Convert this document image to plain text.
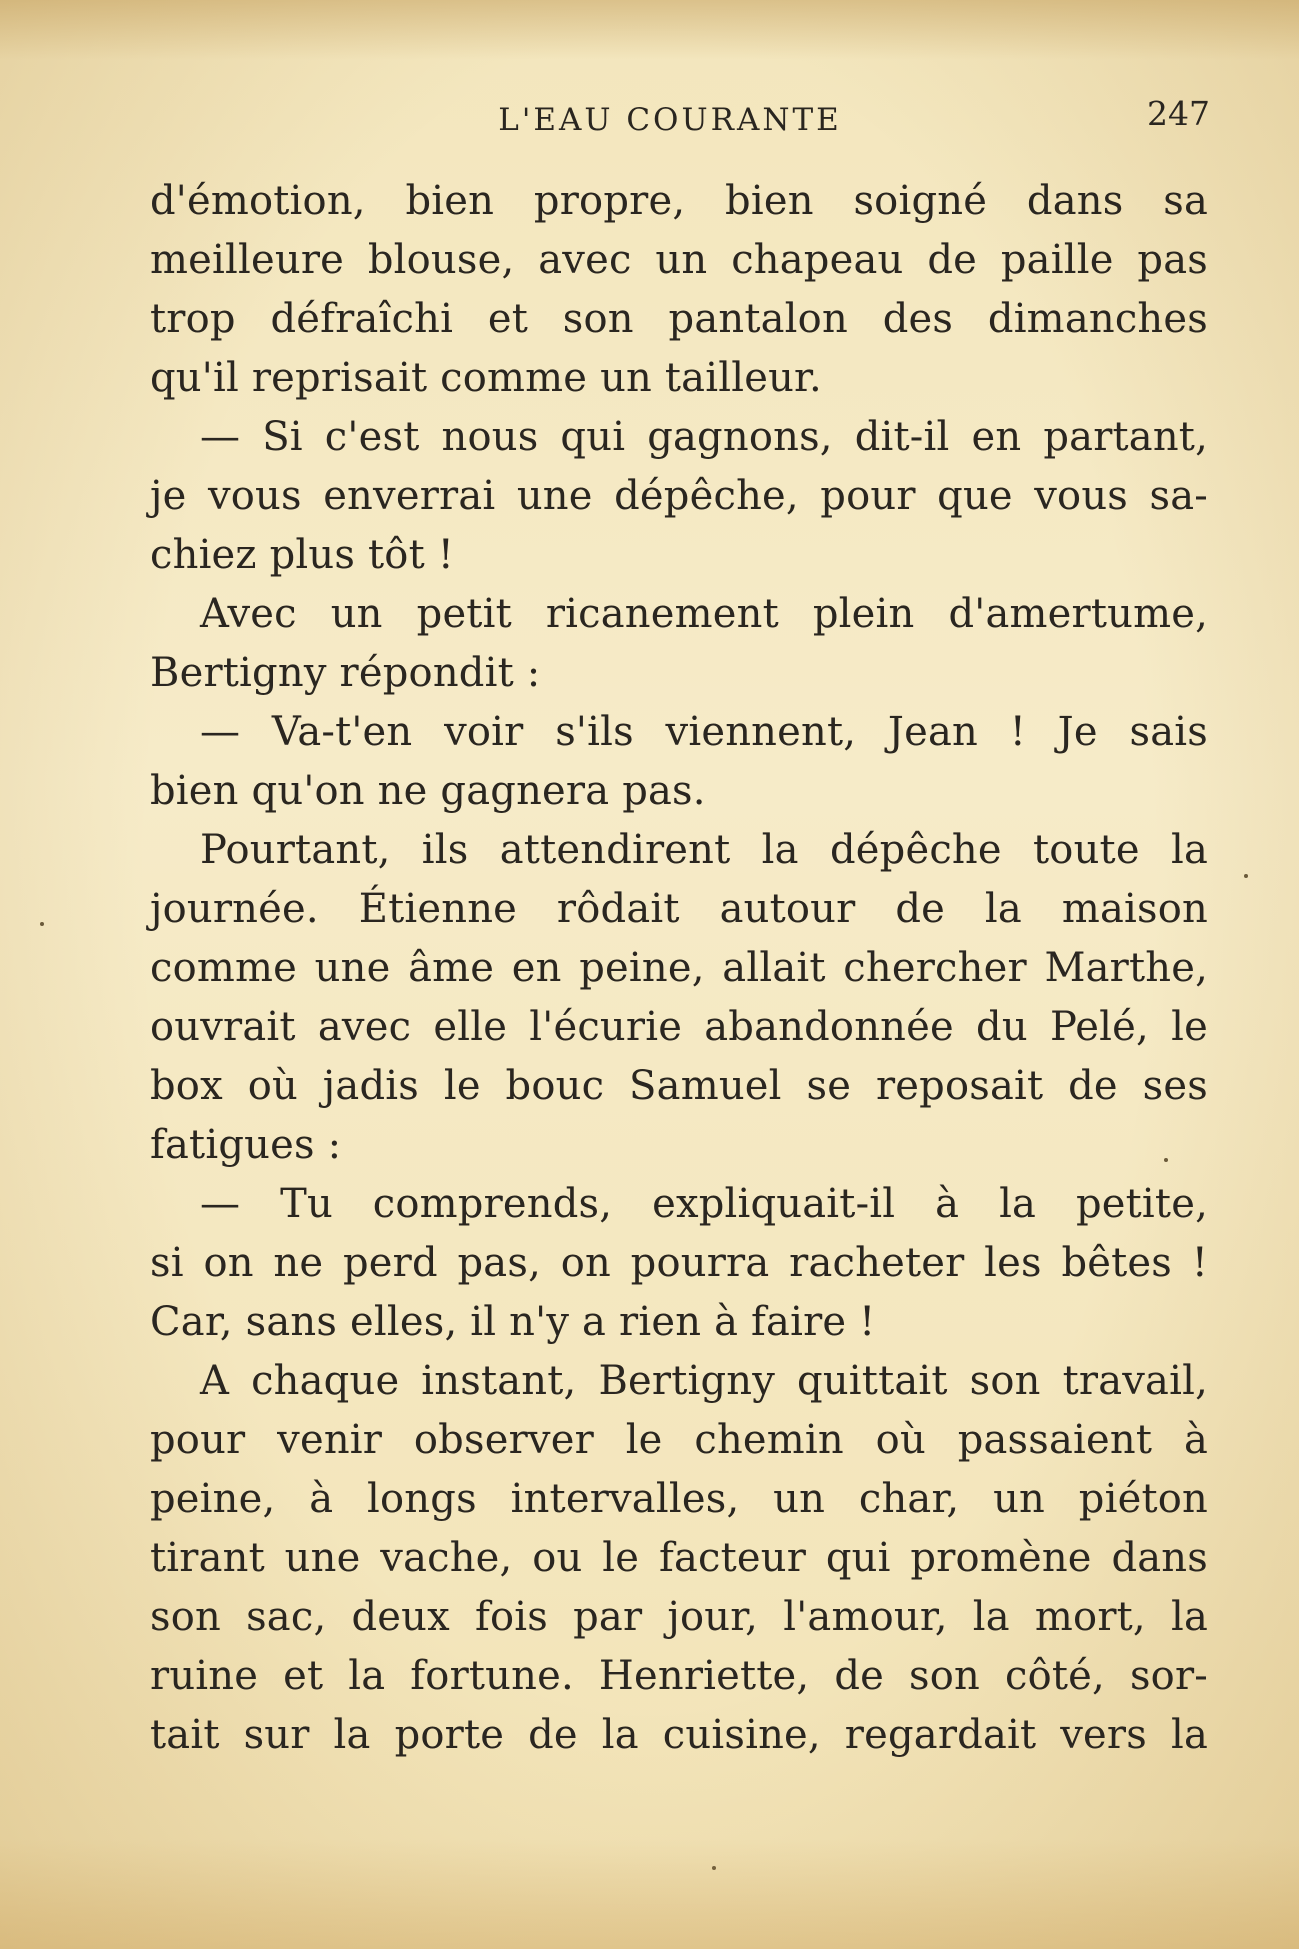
L'EAU COURANTE	247
d'émotion, bien propre, bien soigné dans sa
meilleure blouse, avec un chapeau de paille pas
trop défraîchi et son pantalon des dimanches
qu'il reprisait comme un tailleur.
— Si c'est nous qui gagnons, dit-il en partant,
je vous enverrai une dépêche, pour que vous sa-
chiez plus tôt !
Avec un petit ricanement plein d'amertume,
Bertigny répondit :
— Va-t'en voir s'ils viennent, Jean ! Je sais
bien qu'on ne gagnera pas.
Pourtant, ils attendirent la dépêche toute la
journée. Étienne rôdait autour de la maison
comme une âme en peine, allait chercher Marthe,
ouvrait avec elle l'écurie abandonnée du Pelé, le
box où jadis le bouc Samuel se reposait de ses
fatigues :
— Tu comprends, expliquait-il à la petite,
si on ne perd pas, on pourra racheter les bêtes !
Car, sans elles, il n'y a rien à faire !
A chaque instant, Bertigny quittait son travail,
pour venir observer le chemin où passaient à
peine, à longs intervalles, un char, un piéton
tirant une vache, ou le facteur qui promène dans
son sac, deux fois par jour, l'amour, la mort, la
ruine et la fortune. Henriette, de son côté, sor-
tait sur la porte de la cuisine, regardait vers la
